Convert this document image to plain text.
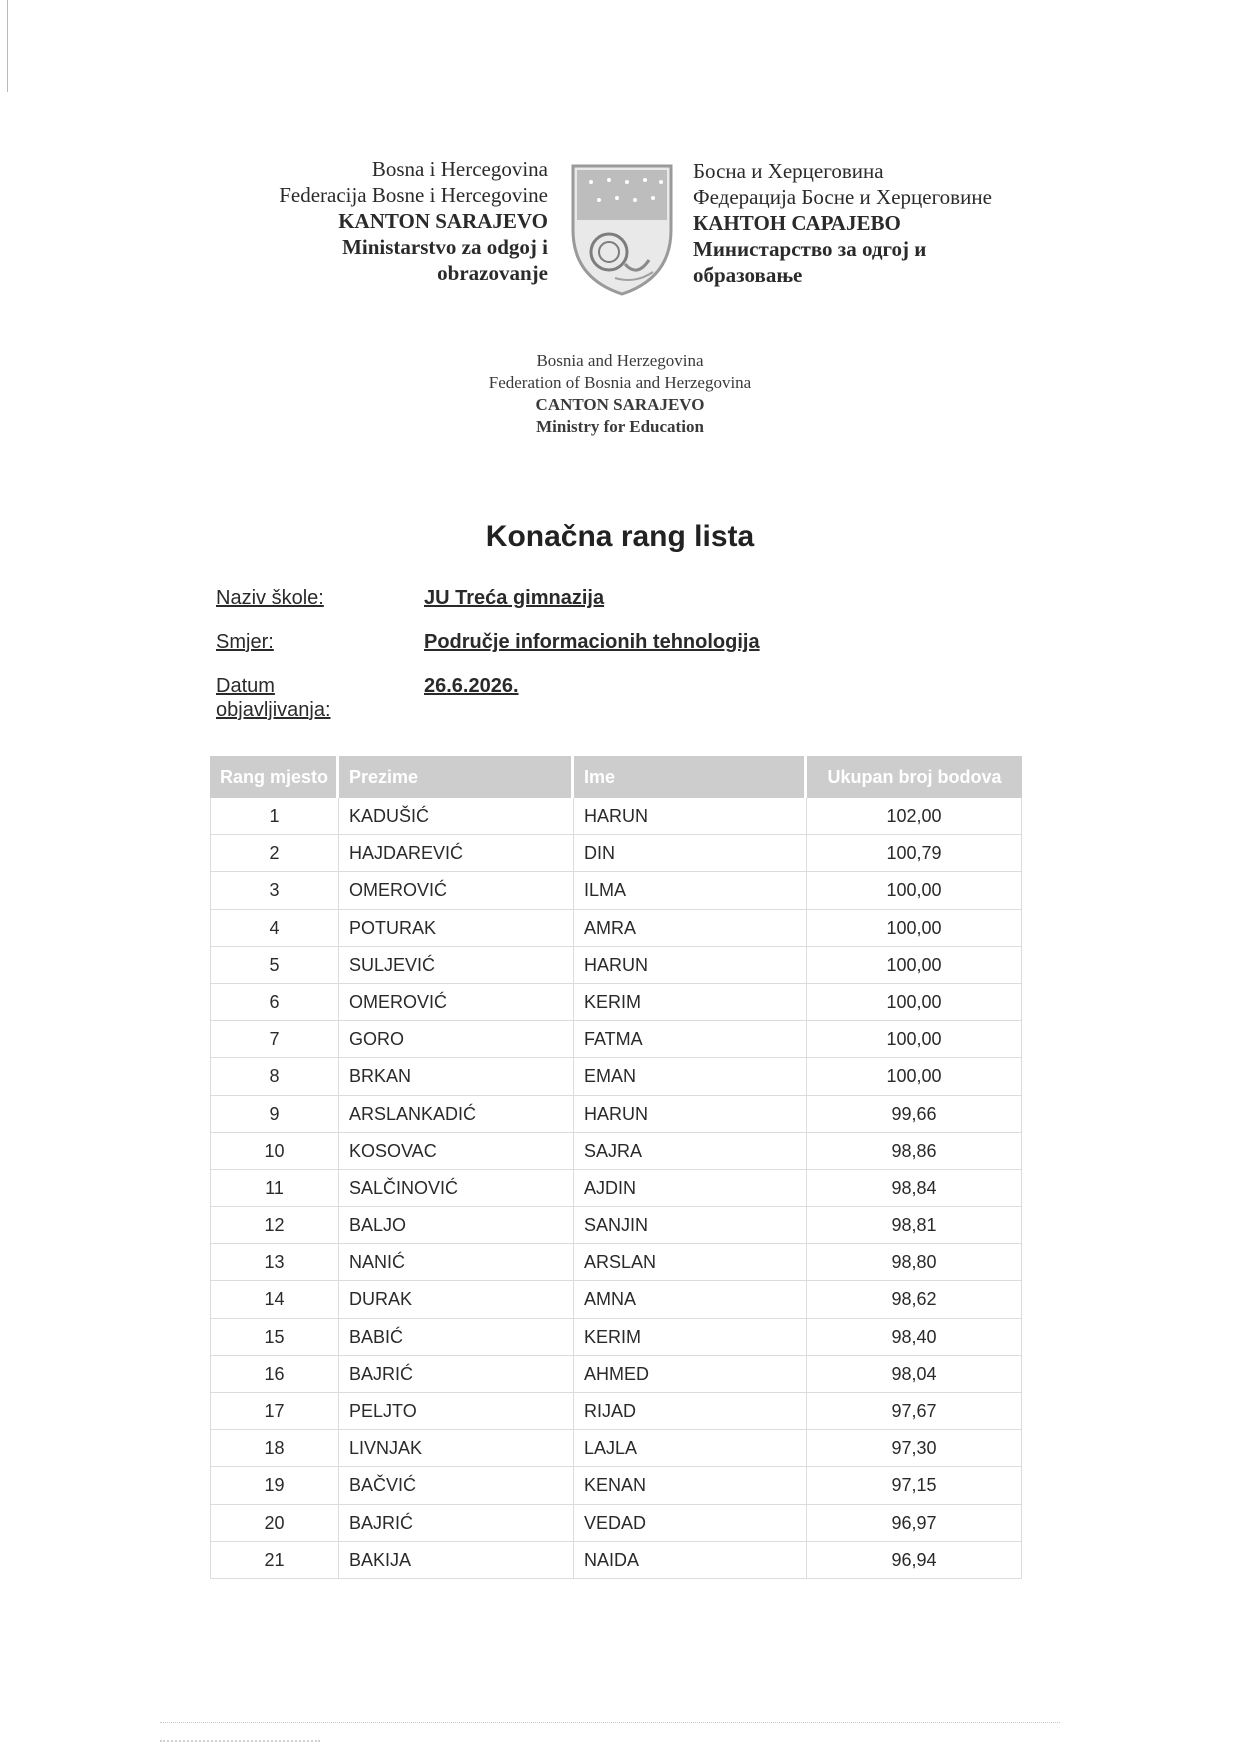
Bosna i Hercegovina
Federacija Bosne i Hercegovine
KANTON SARAJEVO
Ministarstvo za odgoj i
obrazovanje
Босна и Херцеговина
Федерација Босне и Херцеговине
КАНТОН САРАЈЕВО
Министарство за одгој и
образовање
Bosnia and Herzegovina
Federation of Bosnia and Herzegovina
CANTON SARAJEVO
Ministry for Education
Konačna rang lista
Naziv škole:	JU Treća gimnazija
Smjer:	Područje informacionih tehnologija
Datum objavljivanja:
26.6.2026.
Rang mjesto	Prezime	Ime	Ukupan broj bodova
1	KADUŠIĆ	HARUN	102,00
2	HAJDAREVIĆ	DIN	100,79
3	OMEROVIĆ	ILMA	100,00
4	POTURAK	AMRA	100,00
5	SULJEVIĆ	HARUN	100,00
6	OMEROVIĆ	KERIM	100,00
7	GORO	FATMA	100,00
8	BRKAN	EMAN	100,00
9	ARSLANKADIĆ	HARUN	99,66
10	KOSOVAC	SAJRA	98,86
11	SALČINOVIĆ	AJDIN	98,84
12	BALJO	SANJIN	98,81
13	NANIĆ	ARSLAN	98,80
14	DURAK	AMNA	98,62
15	BABIĆ	KERIM	98,40
16	BAJRIĆ	AHMED	98,04
17	PELJTO	RIJAD	97,67
18	LIVNJAK	LAJLA	97,30
19	BAČVIĆ	KENAN	97,15
20	BAJRIĆ	VEDAD	96,97
21	BAKIJA	NAIDA	96,94
